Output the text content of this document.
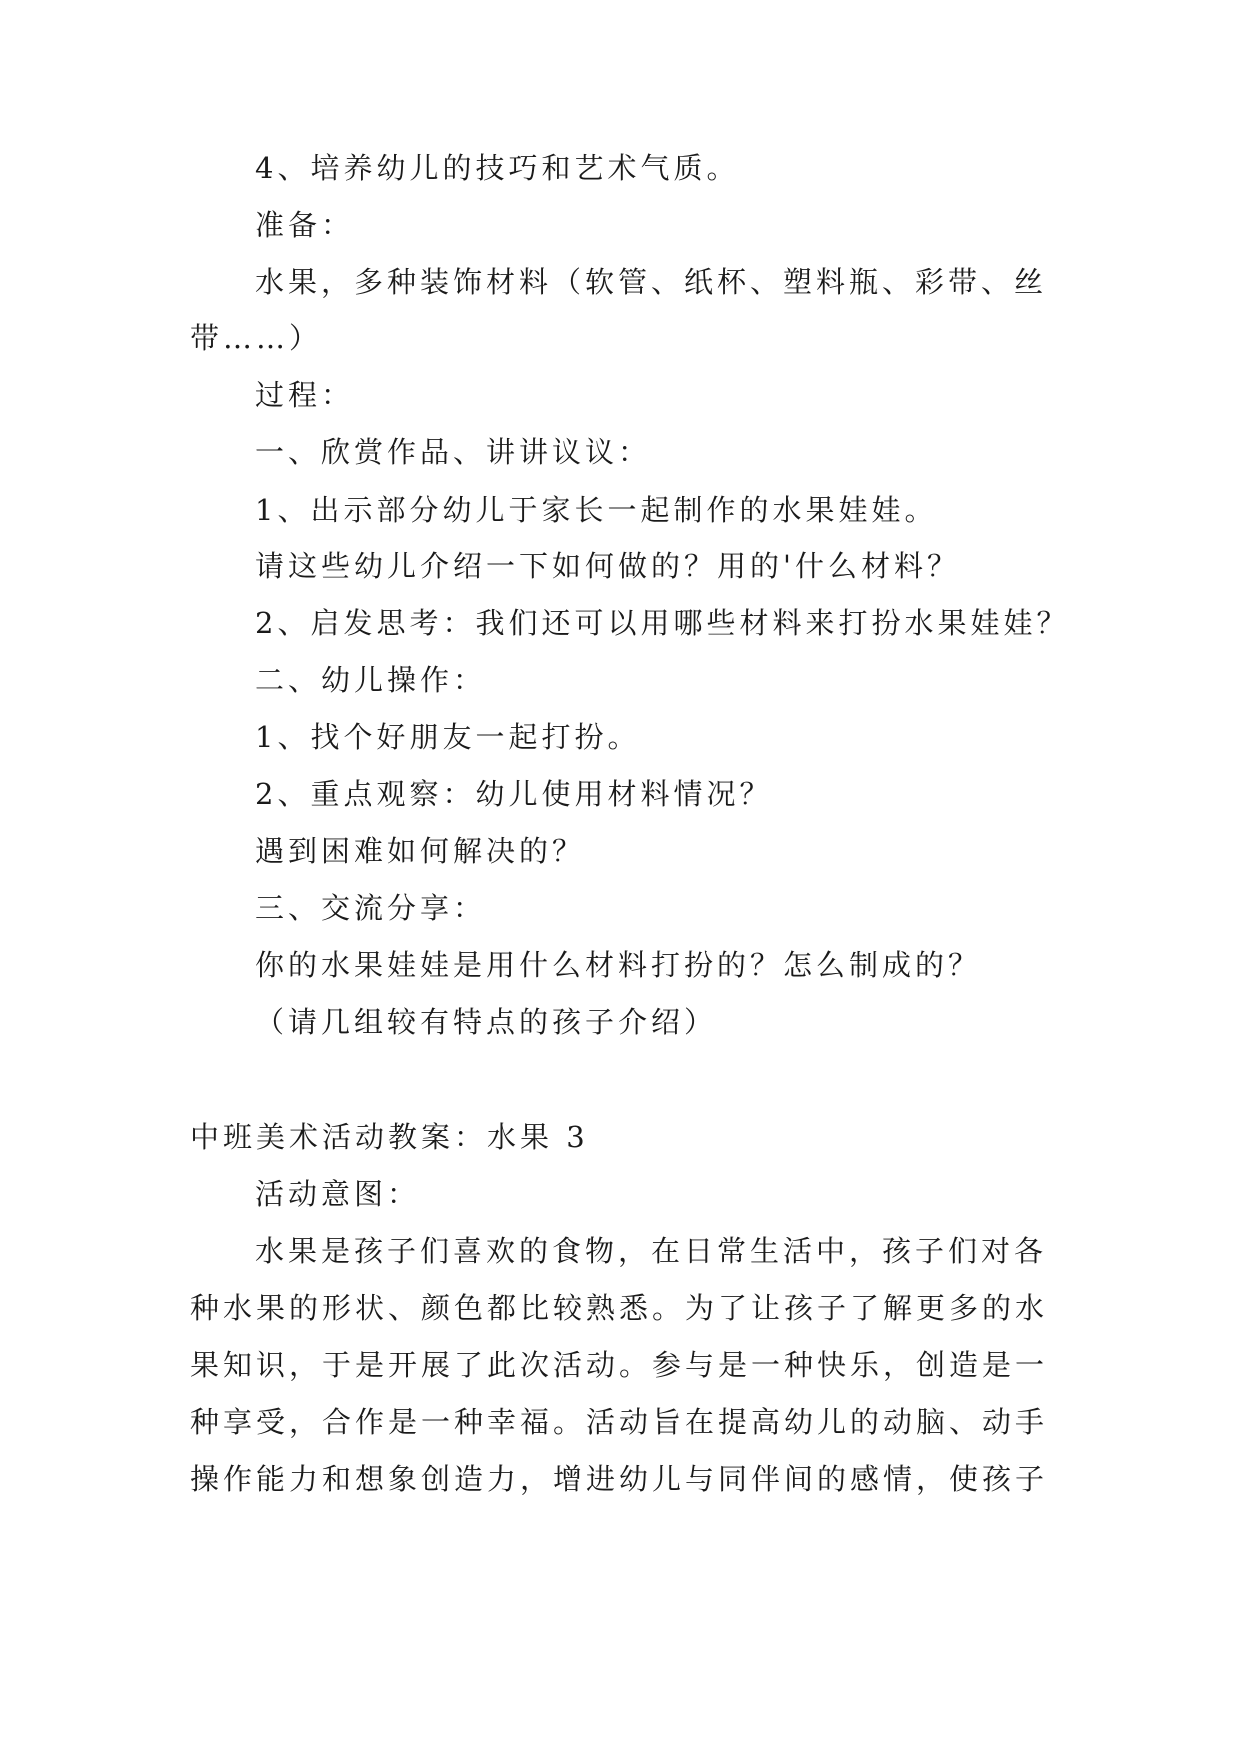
4、培养幼儿的技巧和艺术气质。
准备：
水果，多种装饰材料（软管、纸杯、塑料瓶、彩带、丝
带……）
过程：
一、欣赏作品、讲讲议议：
1、出示部分幼儿于家长一起制作的水果娃娃。
请这些幼儿介绍一下如何做的？用的'什么材料？
2、启发思考：我们还可以用哪些材料来打扮水果娃娃？
二、幼儿操作：
1、找个好朋友一起打扮。
2、重点观察：幼儿使用材料情况？
遇到困难如何解决的？
三、交流分享：
你的水果娃娃是用什么材料打扮的？怎么制成的？
（请几组较有特点的孩子介绍）
中班美术活动教案：水果 3
活动意图：
水果是孩子们喜欢的食物，在日常生活中，孩子们对各
种水果的形状、颜色都比较熟悉。为了让孩子了解更多的水
果知识，于是开展了此次活动。参与是一种快乐，创造是一
种享受，合作是一种幸福。活动旨在提高幼儿的动脑、动手
操作能力和想象创造力，增进幼儿与同伴间的感情，使孩子
